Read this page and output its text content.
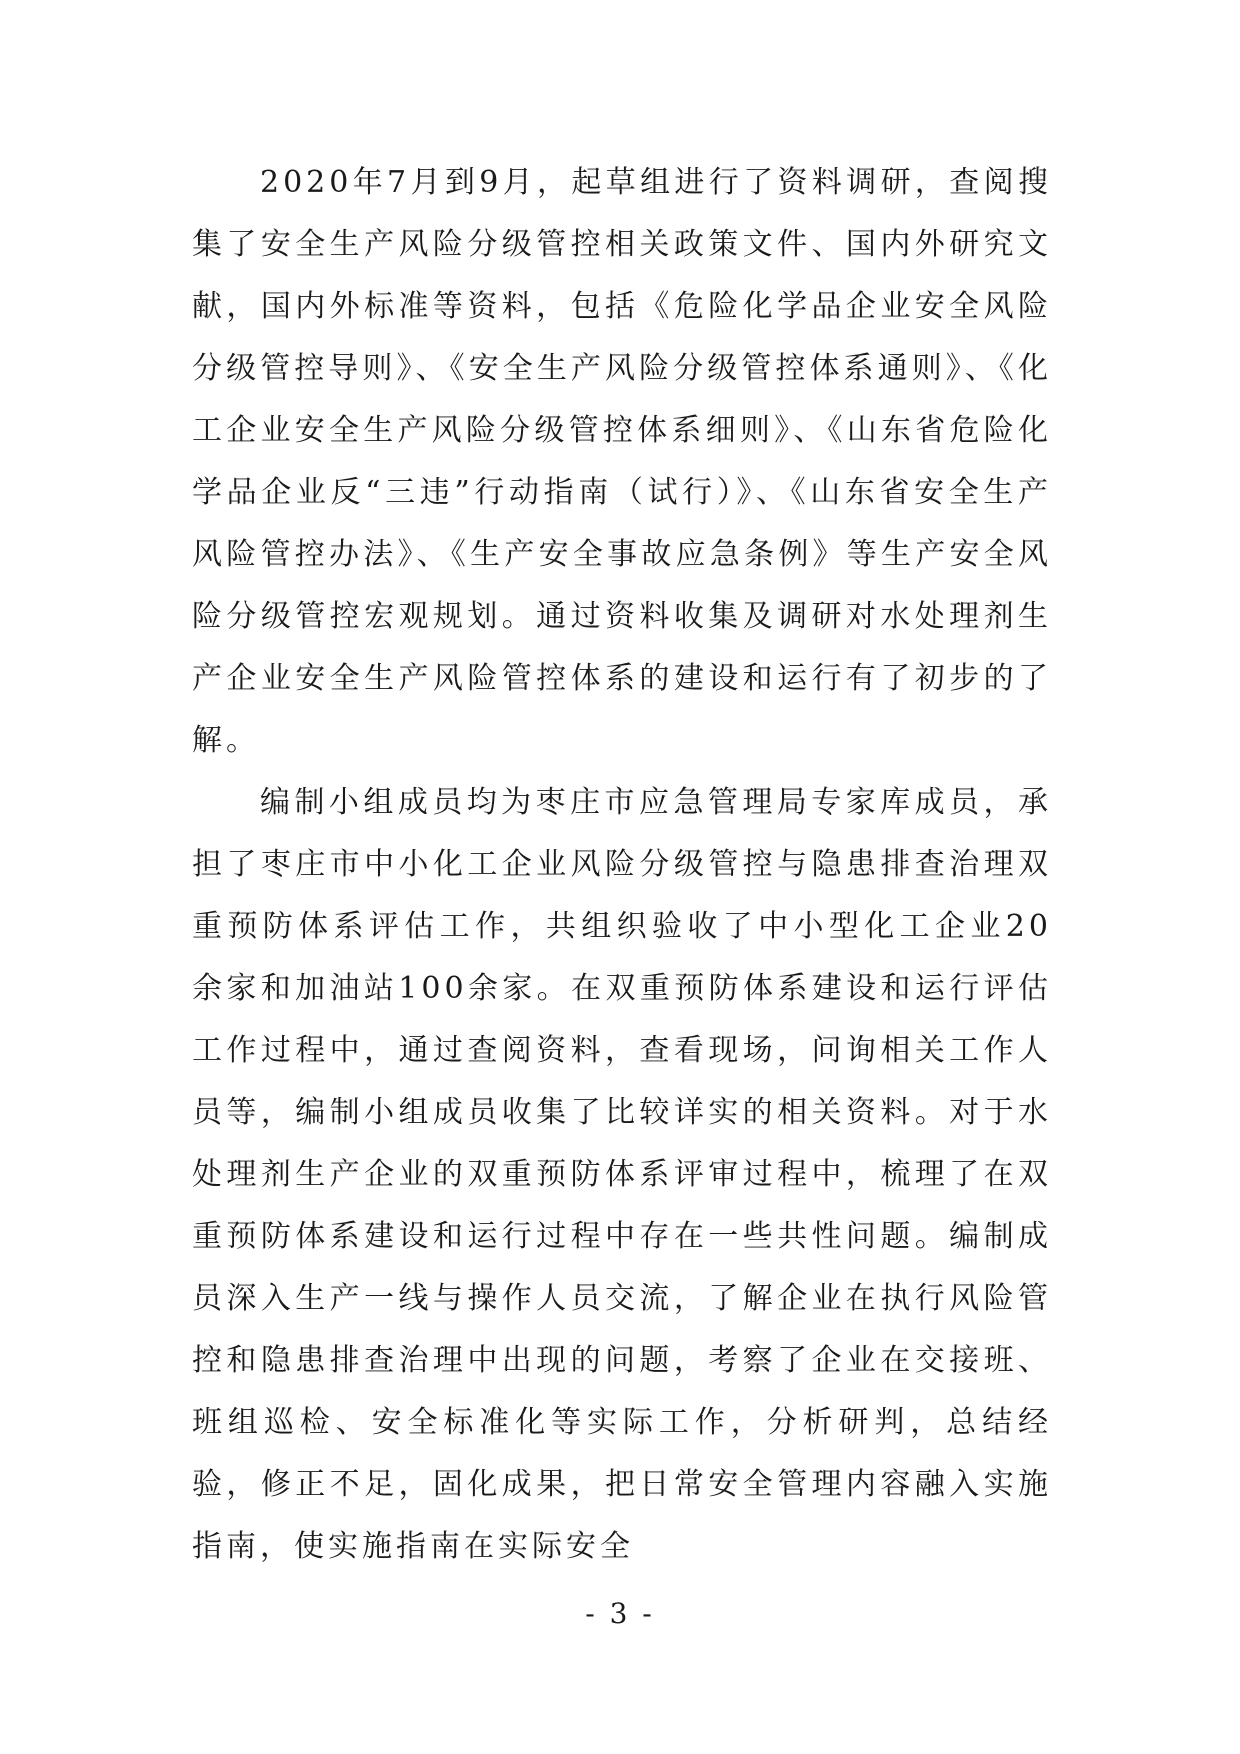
2020年7月到9月，起草组进行了资料调研，查阅搜集了安全生产风险分级管控相关政策文件、国内外研究文献，国内外标准等资料，包括《危险化学品企业安全风险分级管控导则》、《安全生产风险分级管控体系通则》、《化工企业安全生产风险分级管控体系细则》、《山东省危险化学品企业反“三违”行动指南（试行）》、《山东省安全生产风险管控办法》、《生产安全事故应急条例》等生产安全风险分级管控宏观规划。通过资料收集及调研对水处理剂生产企业安全生产风险管控体系的建设和运行有了初步的了解。

编制小组成员均为枣庄市应急管理局专家库成员，承担了枣庄市中小化工企业风险分级管控与隐患排查治理双重预防体系评估工作，共组织验收了中小型化工企业20余家和加油站100余家。在双重预防体系建设和运行评估工作过程中，通过查阅资料，查看现场，问询相关工作人员等，编制小组成员收集了比较详实的相关资料。对于水处理剂生产企业的双重预防体系评审过程中，梳理了在双重预防体系建设和运行过程中存在一些共性问题。编制成员深入生产一线与操作人员交流，了解企业在执行风险管控和隐患排查治理中出现的问题，考察了企业在交接班、班组巡检、安全标准化等实际工作，分析研判，总结经验，修正不足，固化成果，把日常安全管理内容融入实施指南，使实施指南在实际安全

- 3 -
